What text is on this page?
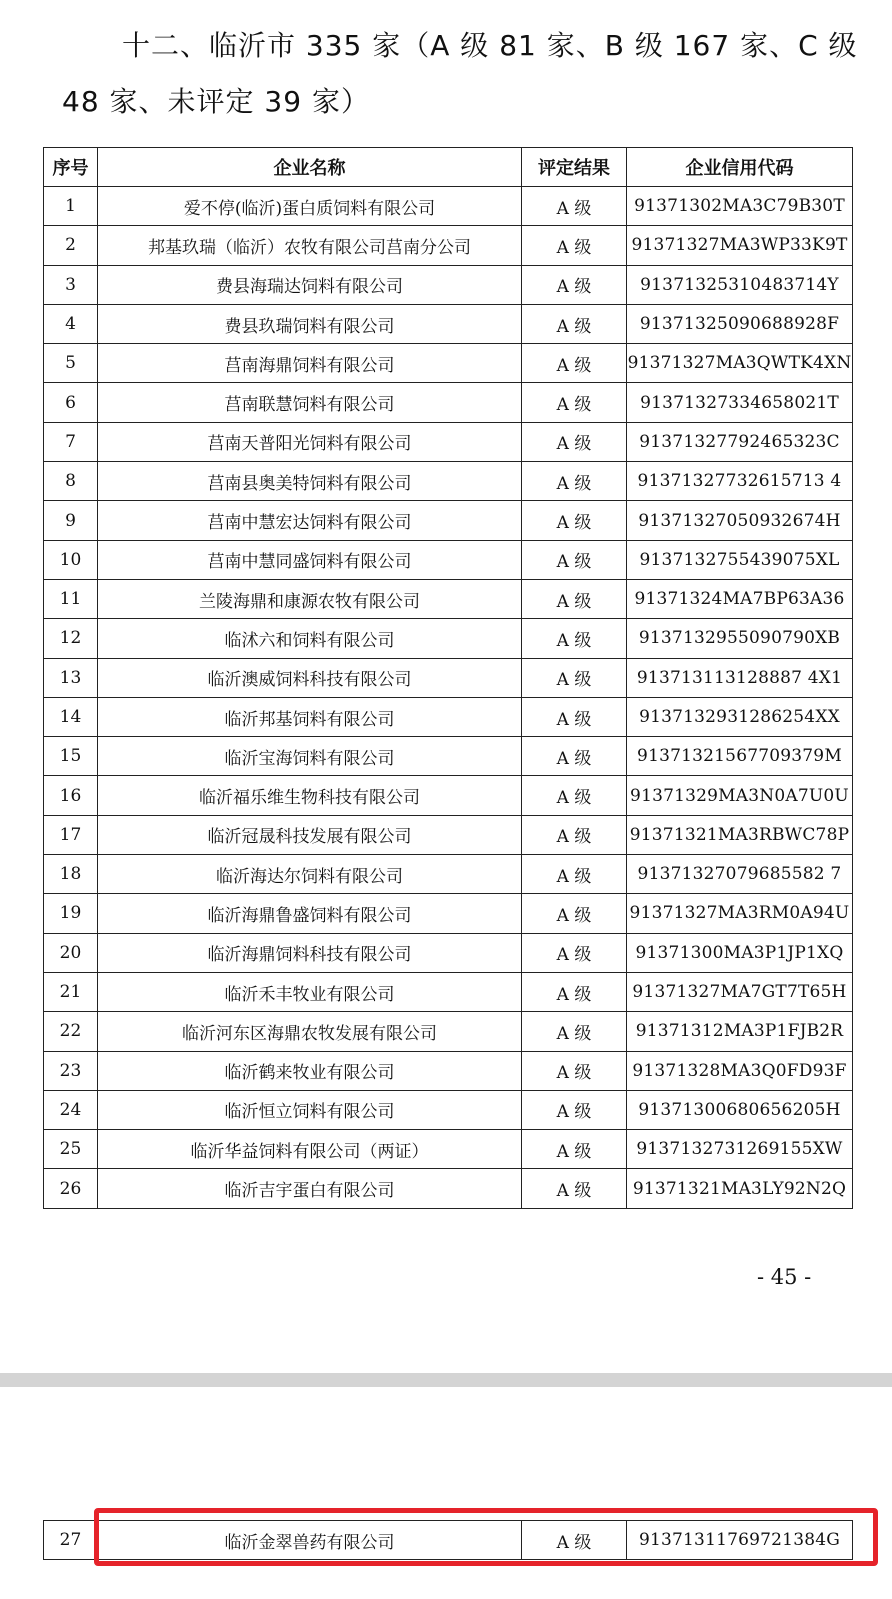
十二、临沂市 335 家（A 级 81 家、B 级 167 家、C 级 48 家、未评定 39 家）

序号	企业名称	评定结果	企业信用代码
1	爱不停(临沂)蛋白质饲料有限公司	A 级	91371302MA3C79B30T
2	邦基玖瑞（临沂）农牧有限公司莒南分公司	A 级	91371327MA3WP33K9T
3	费县海瑞达饲料有限公司	A 级	91371325310483714Y
4	费县玖瑞饲料有限公司	A 级	91371325090688928F
5	莒南海鼎饲料有限公司	A 级	91371327MA3QWTK4XN
6	莒南联慧饲料有限公司	A 级	91371327334658021T
7	莒南天普阳光饲料有限公司	A 级	91371327792465323C
8	莒南县奥美特饲料有限公司	A 级	91371327732615713 4
9	莒南中慧宏达饲料有限公司	A 级	91371327050932674H
10	莒南中慧同盛饲料有限公司	A 级	9137132755439075XL
11	兰陵海鼎和康源农牧有限公司	A 级	91371324MA7BP63A36
12	临沭六和饲料有限公司	A 级	9137132955090790XB
13	临沂澳威饲料科技有限公司	A 级	913713113128887 4X1
14	临沂邦基饲料有限公司	A 级	9137132931286254XX
15	临沂宝海饲料有限公司	A 级	91371321567709379M
16	临沂福乐维生物科技有限公司	A 级	91371329MA3N0A7U0U
17	临沂冠晟科技发展有限公司	A 级	91371321MA3RBWC78P
18	临沂海达尔饲料有限公司	A 级	91371327079685582 7
19	临沂海鼎鲁盛饲料有限公司	A 级	91371327MA3RM0A94U
20	临沂海鼎饲料科技有限公司	A 级	91371300MA3P1JP1XQ
21	临沂禾丰牧业有限公司	A 级	91371327MA7GT7T65H
22	临沂河东区海鼎农牧发展有限公司	A 级	91371312MA3P1FJB2R
23	临沂鹤来牧业有限公司	A 级	91371328MA3Q0FD93F
24	临沂恒立饲料有限公司	A 级	91371300680656205H
25	临沂华益饲料有限公司（两证）	A 级	9137132731269155XW
26	临沂吉宇蛋白有限公司	A 级	91371321MA3LY92N2Q
- 45 -
27	临沂金翠兽药有限公司	A 级	91371311769721384G
